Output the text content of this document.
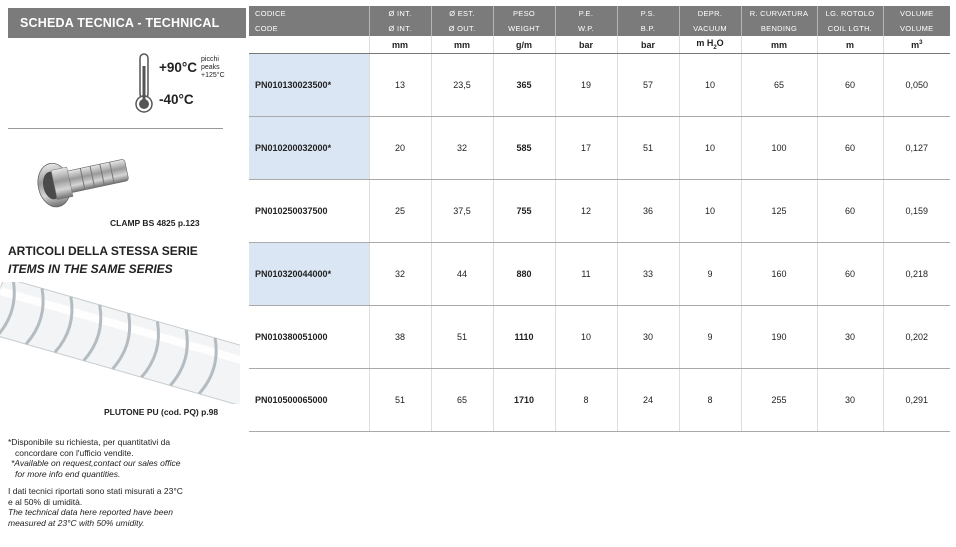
SCHEDA TECNICA - TECHNICAL DATA
+90°C
picchi
peaks
+125°C
-40°C
CLAMP BS 4825 p.123
ARTICOLI DELLA STESSA SERIE
ITEMS IN THE SAME SERIES
PLUTONE PU (cod. PQ) p.98

*Disponibile su richiesta, per quantitativi da

concordare con l'ufficio vendite.

*Available on request,contact our sales office

for more info end quantities.

I dati tecnici riportati sono stati misurati a 23°C

e al 50% di umidità.

The technical data here reported have been

measured at 23°C with 50% umidity.

CODICE	Ø INT.	Ø EST.	PESO	P.E.	P.S.	DEPR.	R. CURVATURA	LG. ROTOLO	VOLUME
CODE	Ø INT.	Ø OUT.	WEIGHT	W.P.	B.P.	VACUUM	BENDING	COIL LGTH.	VOLUME
	mm	mm	g/m	bar	bar	m $H_2O$	mm	m	$m^3$
PN010130023500*	13	23,5	365	19	57	10	65	60	0,050
PN010200032000*	20	32	585	17	51	10	100	60	0,127
PN010250037500	25	37,5	755	12	36	10	125	60	0,159
PN010320044000*	32	44	880	11	33	9	160	60	0,218
PN010380051000	38	51	1110	10	30	9	190	30	0,202
PN010500065000	51	65	1710	8	24	8	255	30	0,291
